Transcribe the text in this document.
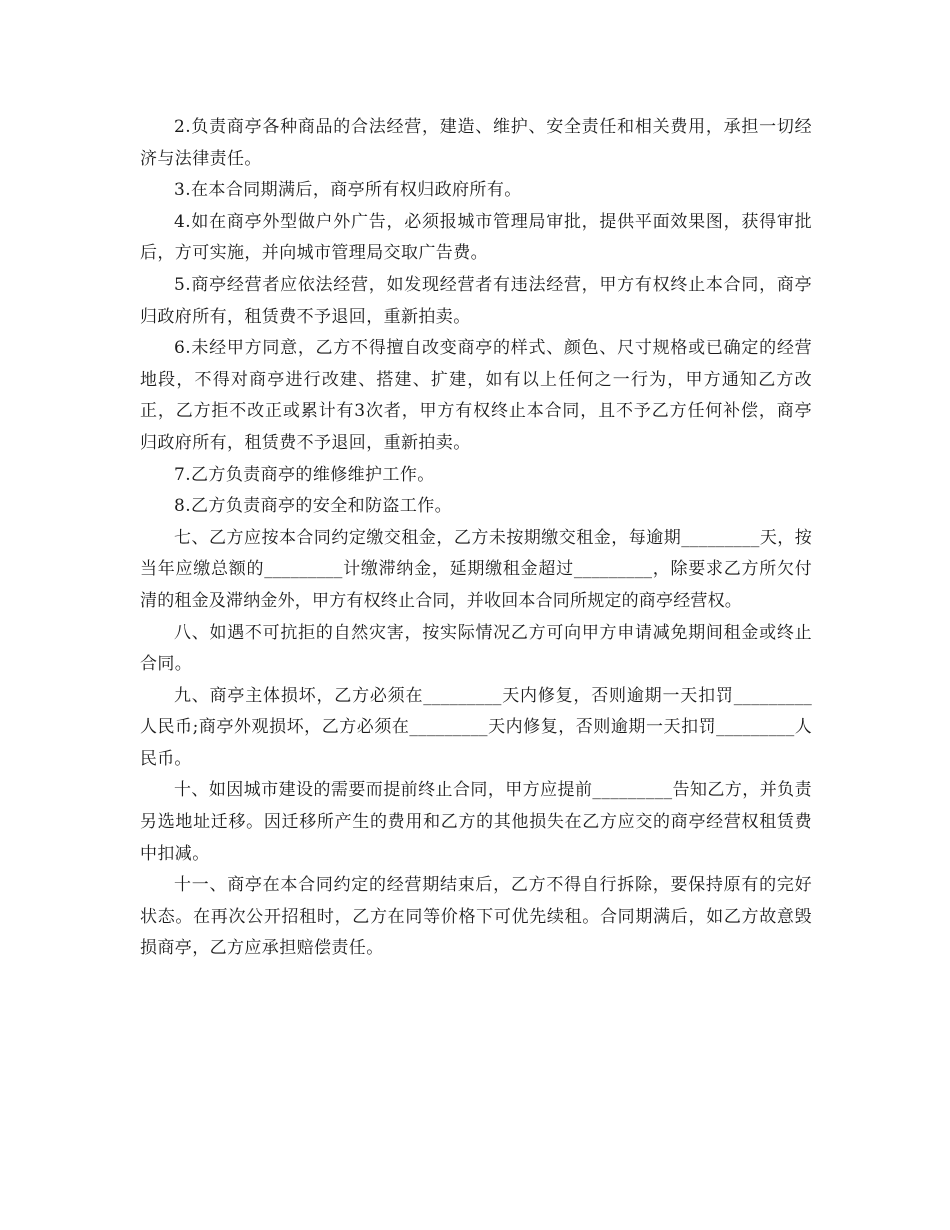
2.负责商亭各种商品的合法经营，建造、维护、安全责任和相关费用，承担一切经济与法律责任。

3.在本合同期满后，商亭所有权归政府所有。

4.如在商亭外型做户外广告，必须报城市管理局审批，提供平面效果图，获得审批后，方可实施，并向城市管理局交取广告费。

5.商亭经营者应依法经营，如发现经营者有违法经营，甲方有权终止本合同，商亭归政府所有，租赁费不予退回，重新拍卖。

6.未经甲方同意，乙方不得擅自改变商亭的样式、颜色、尺寸规格或已确定的经营地段，不得对商亭进行改建、搭建、扩建，如有以上任何之一行为，甲方通知乙方改正，乙方拒不改正或累计有3次者，甲方有权终止本合同，且不予乙方任何补偿，商亭归政府所有，租赁费不予退回，重新拍卖。

7.乙方负责商亭的维修维护工作。

8.乙方负责商亭的安全和防盗工作。

七、乙方应按本合同约定缴交租金，乙方未按期缴交租金，每逾期_________天，按当年应缴总额的_________计缴滞纳金，延期缴租金超过_________，除要求乙方所欠付清的租金及滞纳金外，甲方有权终止合同，并收回本合同所规定的商亭经营权。

八、如遇不可抗拒的自然灾害，按实际情况乙方可向甲方申请减免期间租金或终止合同。

九、商亭主体损坏，乙方必须在_________天内修复，否则逾期一天扣罚_________人民币;商亭外观损坏，乙方必须在_________天内修复，否则逾期一天扣罚_________人民币。

十、如因城市建设的需要而提前终止合同，甲方应提前_________告知乙方，并负责另选地址迁移。因迁移所产生的费用和乙方的其他损失在乙方应交的商亭经营权租赁费中扣减。

十一、商亭在本合同约定的经营期结束后，乙方不得自行拆除，要保持原有的完好状态。在再次公开招租时，乙方在同等价格下可优先续租。合同期满后，如乙方故意毁损商亭，乙方应承担赔偿责任。
